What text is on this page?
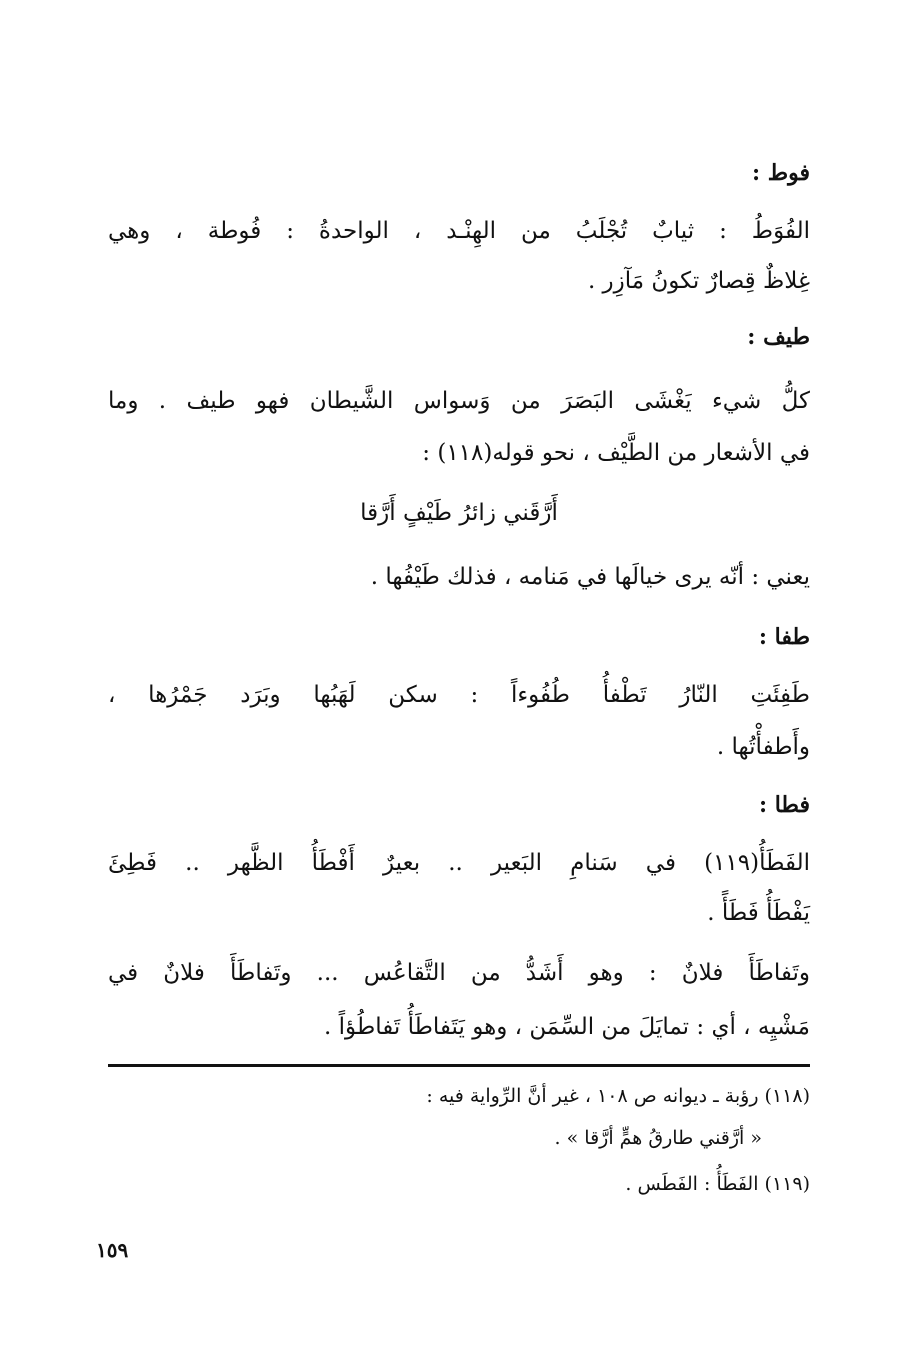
فوط :
الفُوَطُ : ثيابٌ تُجْلَبُ من الهِنْـد ، الواحدةُ : فُوطة ، وهي
غِلاظٌ قِصارٌ تكونُ مَآزِر .
طيف :
كلُّ شيء يَغْشَى البَصَرَ من وَسواس الشَّيطان فهو طيف . وما
في الأشعار من الطَّيْف ، نحو قوله(١١٨) :
أَرَّقَني زائرُ طَيْفٍ أَرَّقا
يعني : أنّه يرى خيالَها في مَنامه ، فذلك طَيْفُها .
طفا :
طَفِئَتِ النّارُ تَطْفأُ طُفُوءاً : سكن لَهَبُها وبَرَد جَمْرُها ،
وأَطفأْتُها .
فطا :
الفَطَأُ(١١٩) في سَنامِ البَعير .. بعيرٌ أَفْطَأُ الظَّهر .. فَطِئَ
يَفْطَأُ فَطَأً .
وتَفاطَأَ فلانٌ : وهو أَشَدُّ من التَّقاعُس ... وتَفاطَأَ فلانٌ في
مَشْيِه ، أي : تمايَلَ من السِّمَن ، وهو يَتَفاطَأُ تَفاطُؤاً .
(١١٨) رؤبة ـ ديوانه ص ١٠٨ ، غير أنَّ الرِّواية فيه :
« أرَّقني طارقُ همٍّ أرَّقا » .
(١١٩) الفَطَأُ : الفَطَس .
١٥٩
